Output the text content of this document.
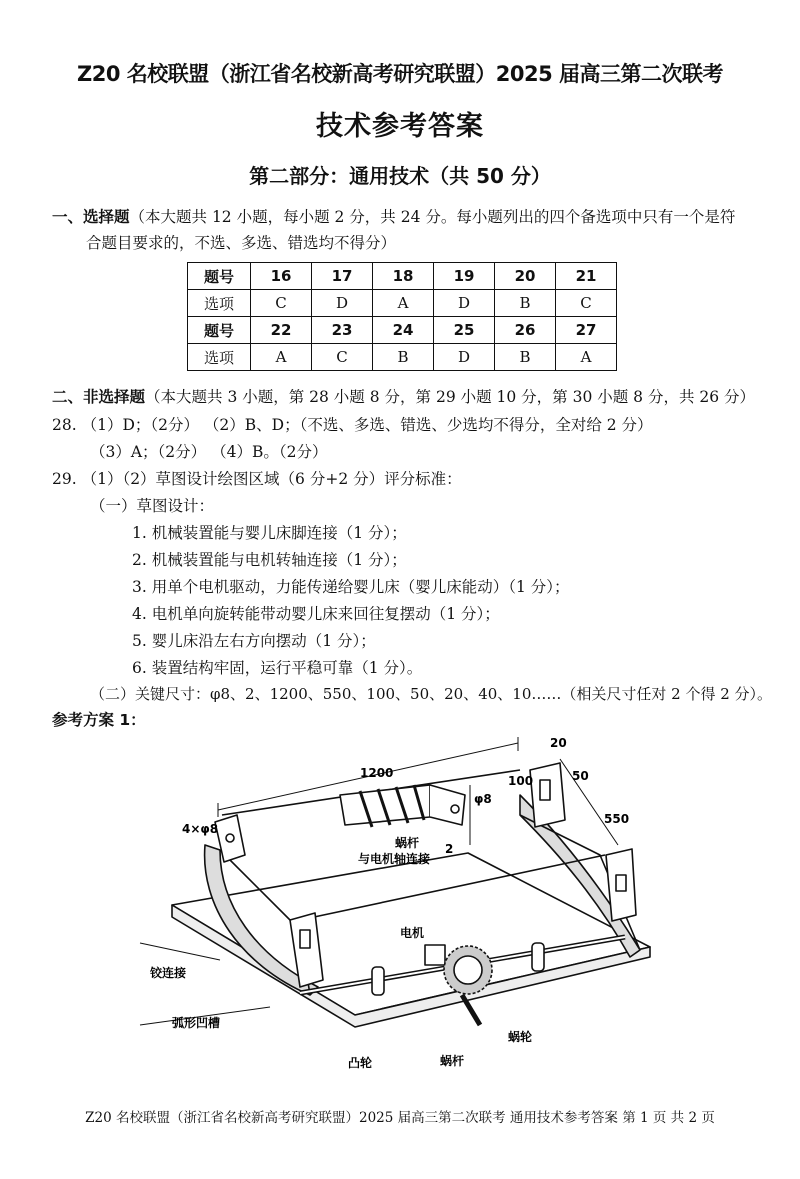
Z20 名校联盟（浙江省名校新高考研究联盟）2025 届高三第二次联考
技术参考答案
第二部分：通用技术（共 50 分）
一、选择题（本大题共 12 小题，每小题 2 分，共 24 分。每小题列出的四个备选项中只有一个是符
合题目要求的，不选、多选、错选均不得分）
题号	16	17	18	19	20	21
选项	C	D	A	D	B	C
题号	22	23	24	25	26	27
选项	A	C	B	D	B	A
二、非选择题（本大题共 3 小题，第 28 小题 8 分，第 29 小题 10 分，第 30 小题 8 分，共 26 分）
28. （1）D；（2分） （2）B、D；（不选、多选、错选、少选均不得分，全对给 2 分）
（3）A；（2分） （4）B。（2分）
29. （1）（2）草图设计绘图区域（6 分+2 分）评分标准：
（一）草图设计：
1. 机械装置能与婴儿床脚连接（1 分）；
2. 机械装置能与电机转轴连接（1 分）；
3. 用单个电机驱动，力能传递给婴儿床（婴儿床能动）（1 分）；
4. 电机单向旋转能带动婴儿床来回往复摆动（1 分）；
5. 婴儿床沿左右方向摆动（1 分）；
6. 装置结构牢固，运行平稳可靠（1 分）。
（二）关键尺寸：φ8、2、1200、550、100、50、20、40、10……（相关尺寸任对 2 个得 2 分）。
参考方案 1：
1200
20
50
100
550
φ8
4×φ8
2
蜗杆
与电机轴连接
电机
铰连接
弧形凹槽
凸轮	蜗杆
蜗轮
Z20 名校联盟（浙江省名校新高考研究联盟）2025 届高三第二次联考 通用技术参考答案 第 1 页 共 2 页
